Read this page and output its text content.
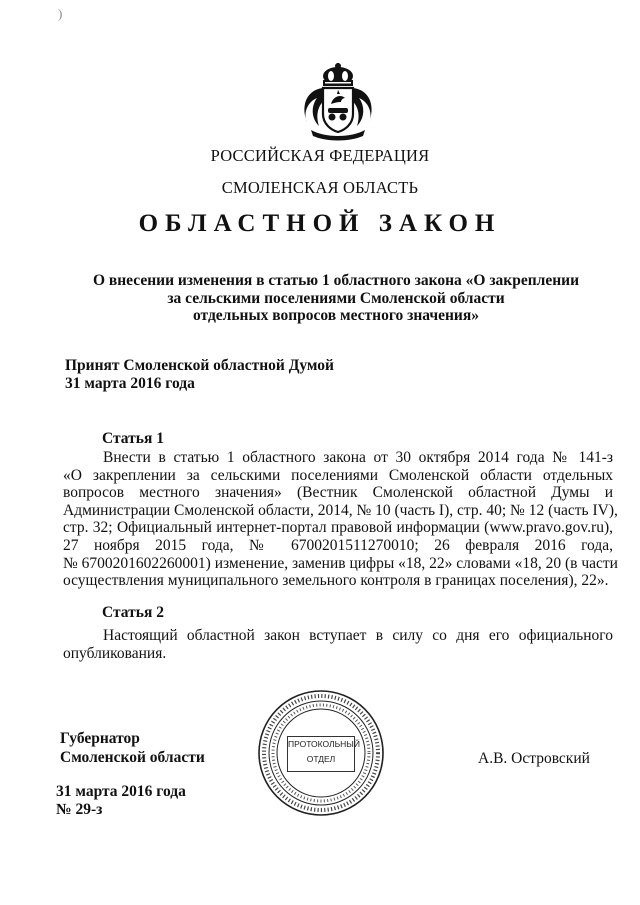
)
РОССИЙСКАЯ ФЕДЕРАЦИЯ
СМОЛЕНСКАЯ ОБЛАСТЬ
ОБЛАСТНОЙ ЗАКОН
О внесении изменения в статью 1 областного закона «О закреплении
за сельскими поселениями Смоленской области
отдельных вопросов местного значения»
Принят Смоленской областной Думой
31 марта 2016 года
Статья 1
Внести в статью 1 областного закона от 30 октября 2014 года № 141-з
«О закреплении за сельскими поселениями Смоленской области отдельных
вопросов местного значения» (Вестник Смоленской областной Думы и
Администрации Смоленской области, 2014, № 10 (часть I), стр. 40; № 12 (часть IV),
стр. 32; Официальный интернет-портал правовой информации (www.pravo.gov.ru),
27 ноября 2015 года, № 6700201511270010; 26 февраля 2016 года,
№ 6700201602260001) изменение, заменив цифры «18, 22» словами «18, 20 (в части
осуществления муниципального земельного контроля в границах поселения), 22».
Статья 2
Настоящий областной закон вступает в силу со дня его официального
опубликования.
Губернатор
Смоленской области
ПРОТОКОЛЬНЫЙ
ОТДЕЛ	А.В. Островский
31 марта 2016 года
№ 29-з
